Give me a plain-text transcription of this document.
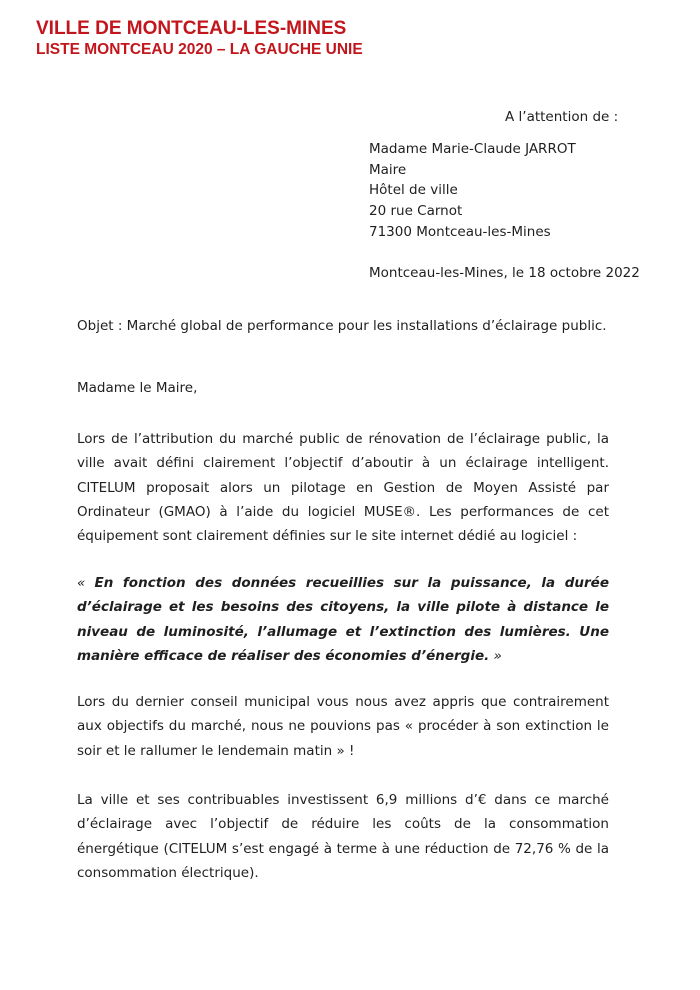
VILLE DE MONTCEAU-LES-MINES
LISTE MONTCEAU 2020 – LA GAUCHE UNIE
A l’attention de :
Madame Marie-Claude JARROT
Maire
Hôtel de ville
20 rue Carnot
71300 Montceau-les-Mines
Montceau-les-Mines, le 18 octobre 2022
Objet : Marché global de performance pour les installations d’éclairage public.
Madame le Maire,
Lors de l’attribution du marché public de rénovation de l’éclairage public, la ville avait défini clairement l’objectif d’aboutir à un éclairage intelligent. CITELUM proposait alors un pilotage en Gestion de Moyen Assisté par Ordinateur (GMAO) à l’aide du logiciel MUSE®. Les performances de cet équipement sont clairement définies sur le site internet dédié au logiciel :
« En fonction des données recueillies sur la puissance, la durée d’éclairage et les besoins des citoyens, la ville pilote à distance le niveau de luminosité, l’allumage et l’extinction des lumières. Une manière efficace de réaliser des économies d’énergie. »
Lors du dernier conseil municipal vous nous avez appris que contrairement aux objectifs du marché, nous ne pouvions pas « procéder à son extinction le soir et le rallumer le lendemain matin » !
La ville et ses contribuables investissent 6,9 millions d’€ dans ce marché d’éclairage avec l’objectif de réduire les coûts de la consommation énergétique (CITELUM s’est engagé à terme à une réduction de 72,76 % de la consommation électrique).
